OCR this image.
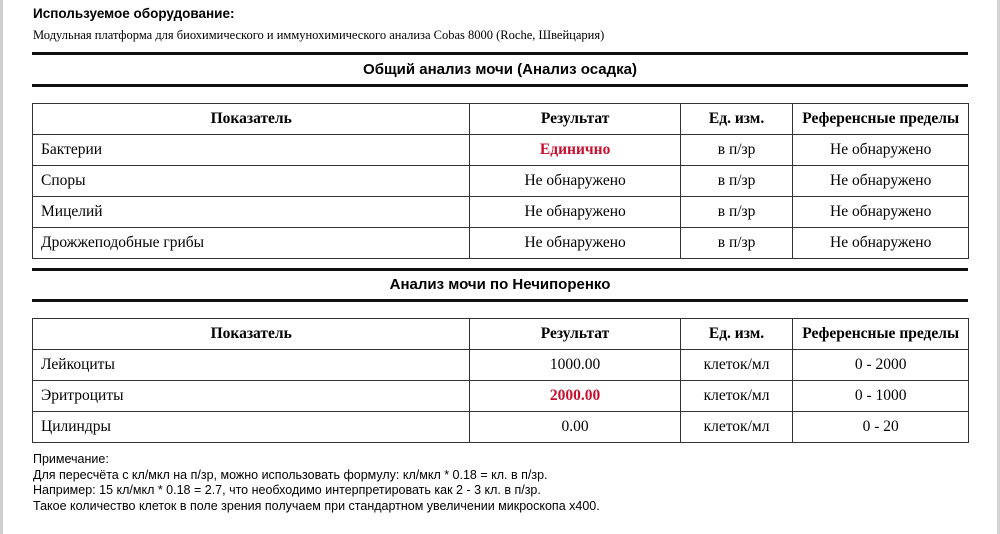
Используемое оборудование:
Модульная платформа для биохимического и иммунохимического анализа Cobas 8000 (Roche, Швейцария)
Общий анализ мочи (Анализ осадка)
Показатель	Результат	Ед. изм.	Референсные пределы
Бактерии	Единично	в п/зр	Не обнаружено
Споры	Не обнаружено	в п/зр	Не обнаружено
Мицелий	Не обнаружено	в п/зр	Не обнаружено
Дрожжеподобные грибы	Не обнаружено	в п/зр	Не обнаружено
Анализ мочи по Нечипоренко
Показатель	Результат	Ед. изм.	Референсные пределы
Лейкоциты	1000.00	клеток/мл	0 - 2000
Эритроциты	2000.00	клеток/мл	0 - 1000
Цилиндры	0.00	клеток/мл	0 - 20
Примечание:
Для пересчёта с кл/мкл на п/зр, можно использовать формулу: кл/мкл * 0.18 = кл. в п/зр.
Например: 15 кл/мкл * 0.18 = 2.7, что необходимо интерпретировать как 2 - 3 кл. в п/зр.
Такое количество клеток в поле зрения получаем при стандартном увеличении микроскопа x400.
